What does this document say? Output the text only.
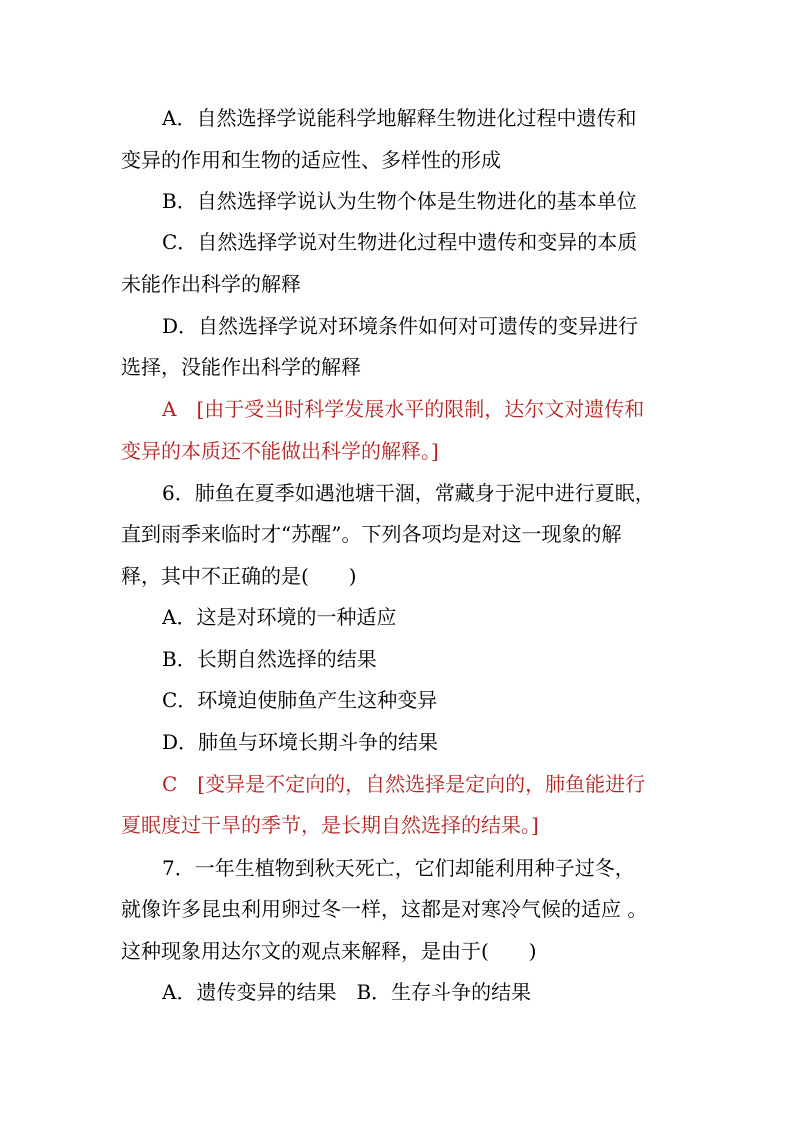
A．自然选择学说能科学地解释生物进化过程中遗传和
变异的作用和生物的适应性、多样性的形成
B．自然选择学说认为生物个体是生物进化的基本单位
C．自然选择学说对生物进化过程中遗传和变异的本质
未能作出科学的解释
D．自然选择学说对环境条件如何对可遗传的变异进行
选择，没能作出科学的解释
A　[由于受当时科学发展水平的限制，达尔文对遗传和
变异的本质还不能做出科学的解释。]
6．肺鱼在夏季如遇池塘干涸，常藏身于泥中进行夏眠，
直到雨季来临时才“苏醒”。下列各项均是对这一现象的解
释，其中不正确的是(　　)
A．这是对环境的一种适应
B．长期自然选择的结果
C．环境迫使肺鱼产生这种变异
D．肺鱼与环境长期斗争的结果
C　[变异是不定向的，自然选择是定向的，肺鱼能进行
夏眠度过干旱的季节，是长期自然选择的结果。]
7．一年生植物到秋天死亡，它们却能利用种子过冬，
就像许多昆虫利用卵过冬一样，这都是对寒冷气候的适应 。
这种现象用达尔文的观点来解释，是由于(　　)
A．遗传变异的结果　B．生存斗争的结果
